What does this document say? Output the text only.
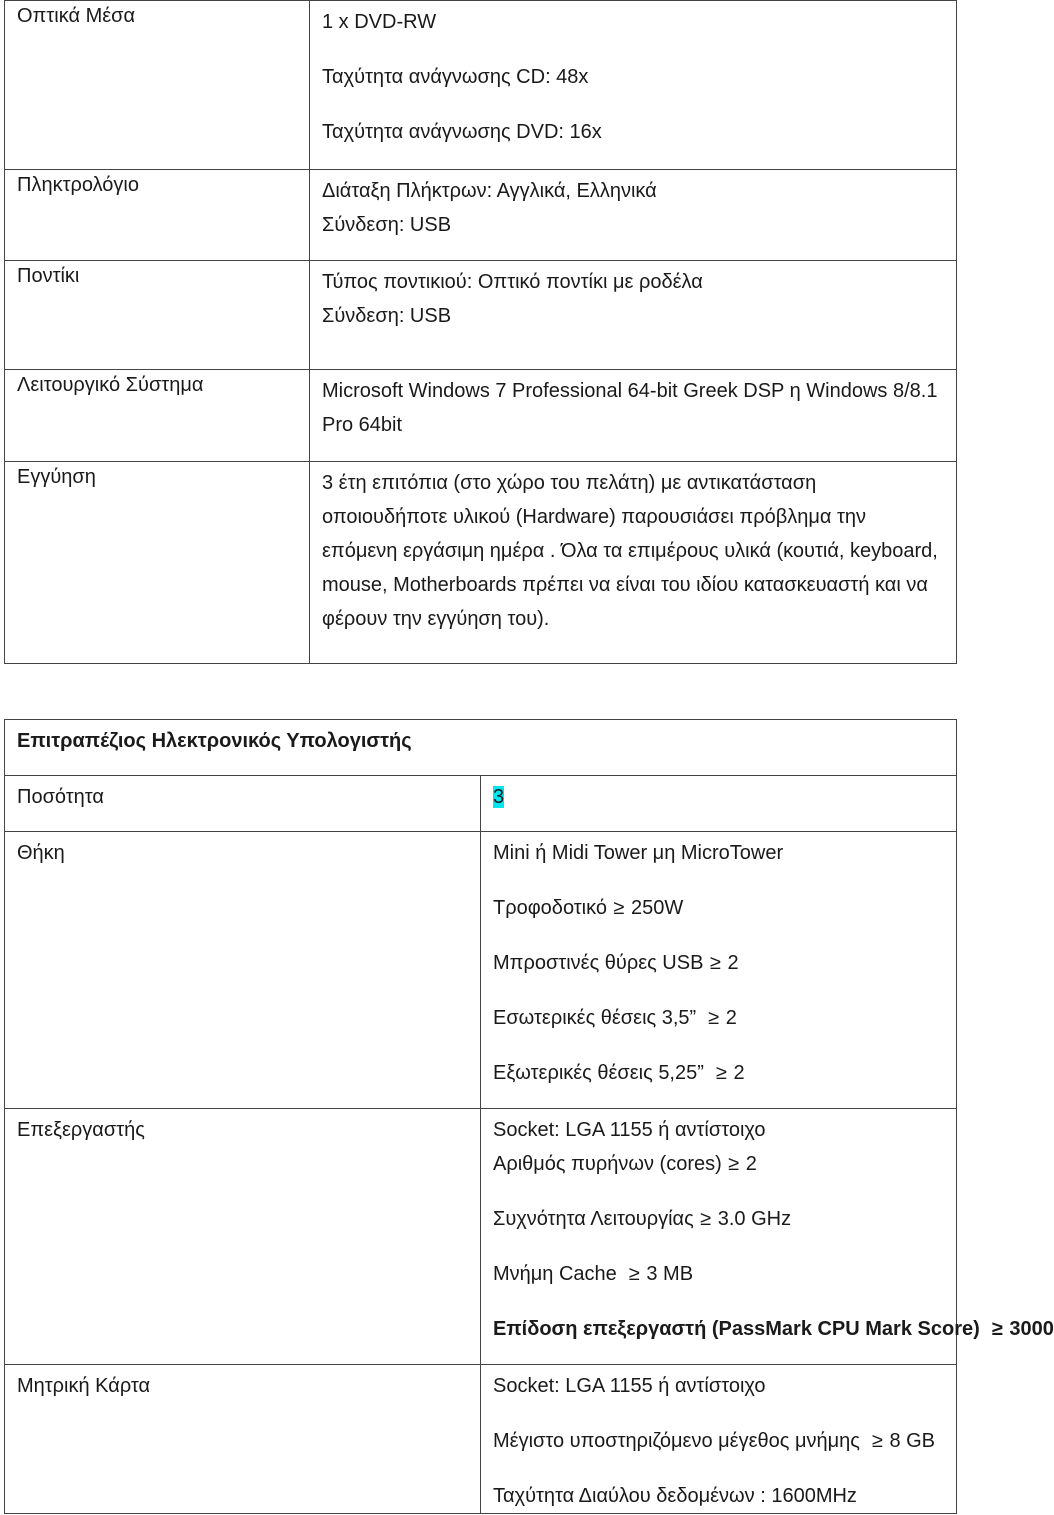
Οπτικά Μέσα	1 x DVD-RW
Ταχύτητα ανάγνωσης CD: 48x
Ταχύτητα ανάγνωσης DVD: 16x

Πληκτρολόγιο	Διάταξη Πλήκτρων: Αγγλικά, Ελληνικά
Σύνδεση: USB

Ποντίκι	Τύπος ποντικιού: Οπτικό ποντίκι με ροδέλα
Σύνδεση: USB

Λειτουργικό Σύστημα	Microsoft Windows 7 Professional 64-bit Greek DSP η Windows 8/8.1 Pro 64bit

Εγγύηση	3 έτη επιτόπια (στο χώρο του πελάτη) με αντικατάσταση οποιουδήποτε υλικού (Hardware) παρουσιάσει πρόβλημα την επόμενη εργάσιμη ημέρα . Όλα τα επιμέρους υλικά (κουτιά, keyboard, mouse, Motherboards πρέπει να είναι του ιδίου κατασκευαστή και να φέρουν την εγγύηση του).
Επιτραπέζιος Ηλεκτρονικός Υπολογιστής	

Ποσότητα	3

Θήκη	Mini ή Midi Tower μη MicroTower
Τροφοδοτικό ≥ 250W
Μπροστινές θύρες USB ≥ 2
Εσωτερικές θέσεις 3,5” ≥ 2
Εξωτερικές θέσεις 5,25” ≥ 2

Επεξεργαστής	Socket: LGA 1155 ή αντίστοιχο
Αριθμός πυρήνων (cores) ≥ 2
Συχνότητα Λειτουργίας ≥ 3.0 GHz
Μνήμη Cache ≥ 3 MB
Επίδοση επεξεργαστή (PassMark CPU Mark Score) ≥ 3000

Μητρική Κάρτα	Socket: LGA 1155 ή αντίστοιχο
Μέγιστο υποστηριζόμενο μέγεθος μνήμης ≥ 8 GB
Ταχύτητα Διαύλου δεδομένων : 1600MHz
